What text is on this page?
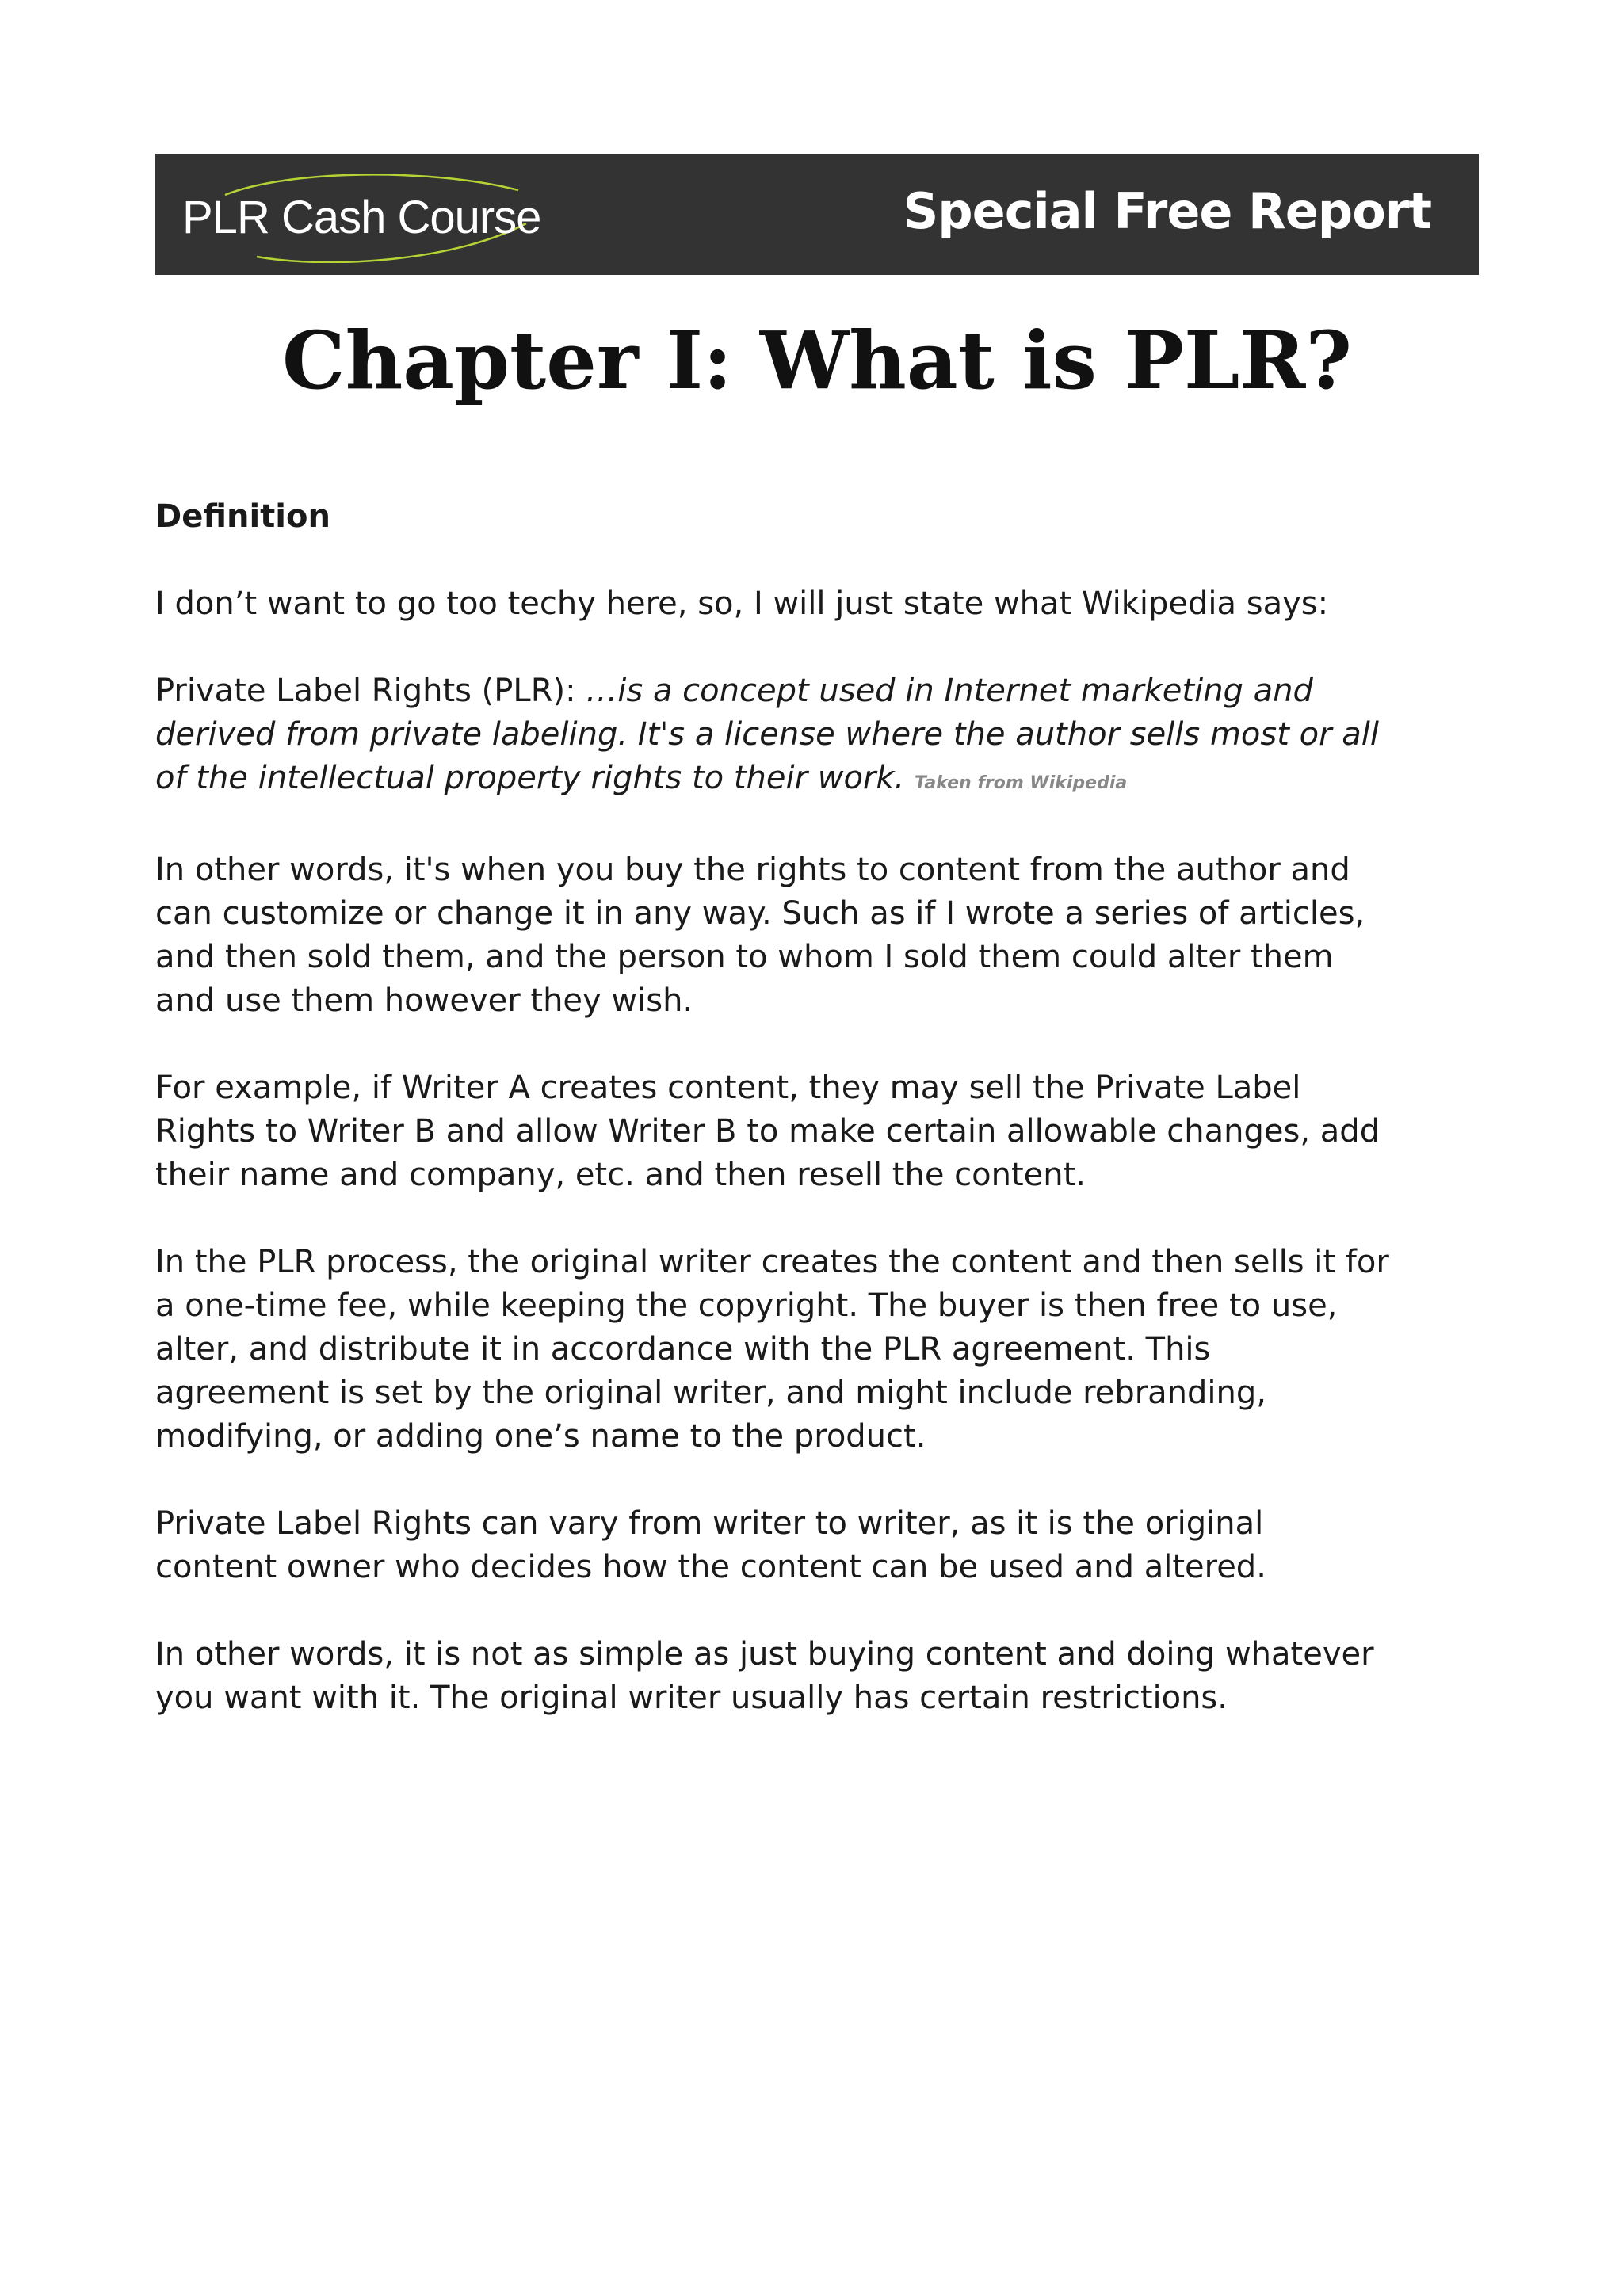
PLR Cash Course	Special Free Report
Chapter I: What is PLR?

Definition

I don’t want to go too techy here, so, I will just state what Wikipedia says:

Private Label Rights (PLR): …is a concept used in Internet marketing and derived from private labeling. It's a license where the author sells most or all of the intellectual property rights to their work. Taken from Wikipedia

In other words, it's when you buy the rights to content from the author and can customize or change it in any way. Such as if I wrote a series of articles, and then sold them, and the person to whom I sold them could alter them and use them however they wish.

For example, if Writer A creates content, they may sell the Private Label Rights to Writer B and allow Writer B to make certain allowable changes, add their name and company, etc. and then resell the content.

In the PLR process, the original writer creates the content and then sells it for a one-time fee, while keeping the copyright. The buyer is then free to use, alter, and distribute it in accordance with the PLR agreement. This agreement is set by the original writer, and might include rebranding, modifying, or adding one’s name to the product.

Private Label Rights can vary from writer to writer, as it is the original content owner who decides how the content can be used and altered.

In other words, it is not as simple as just buying content and doing whatever you want with it. The original writer usually has certain restrictions.
